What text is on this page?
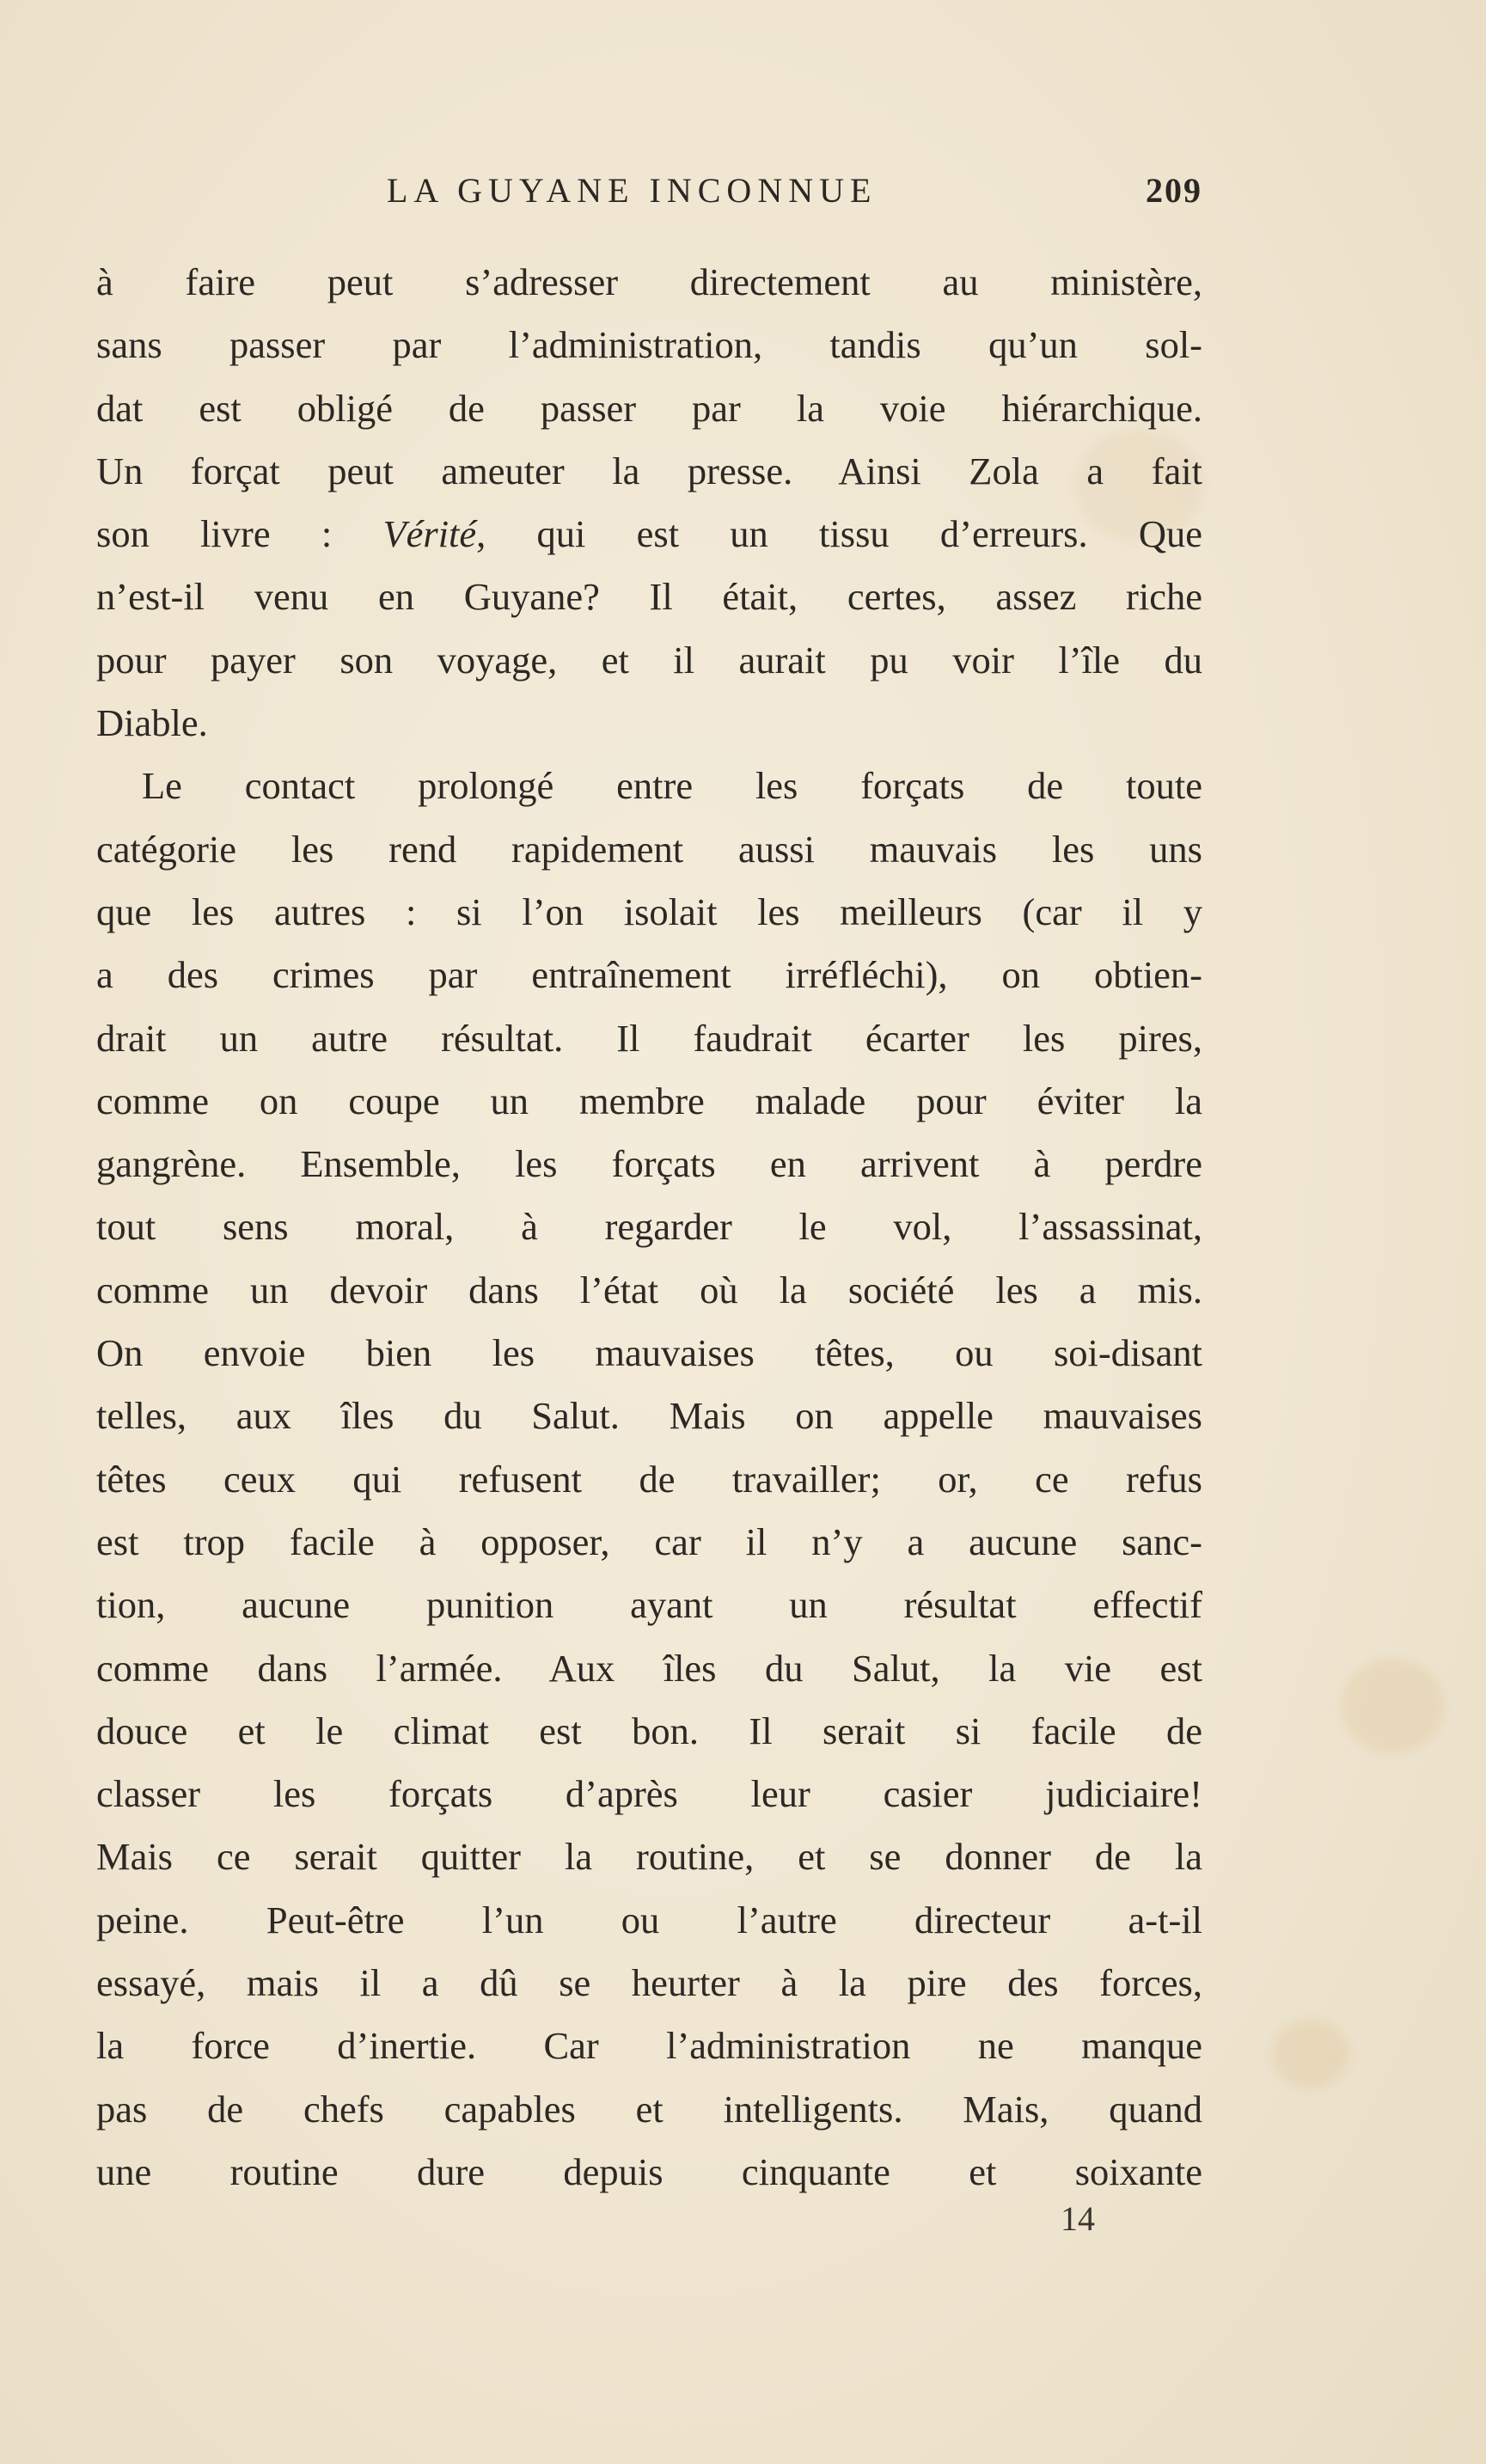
LA GUYANE INCONNUE	209
à faire peut s’adresser directement au ministère,
sans passer par l’administration, tandis qu’un sol-
dat est obligé de passer par la voie hiérarchique.
Un forçat peut ameuter la presse. Ainsi Zola a fait
son livre : Vérité, qui est un tissu d’erreurs. Que
n’est-il venu en Guyane? Il était, certes, assez riche
pour payer son voyage, et il aurait pu voir l’île du
Diable.
Le contact prolongé entre les forçats de toute
catégorie les rend rapidement aussi mauvais les uns
que les autres : si l’on isolait les meilleurs (car il y
a des crimes par entraînement irréfléchi), on obtien-
drait un autre résultat. Il faudrait écarter les pires,
comme on coupe un membre malade pour éviter la
gangrène. Ensemble, les forçats en arrivent à perdre
tout sens moral, à regarder le vol, l’assassinat,
comme un devoir dans l’état où la société les a mis.
On envoie bien les mauvaises têtes, ou soi-disant
telles, aux îles du Salut. Mais on appelle mauvaises
têtes ceux qui refusent de travailler; or, ce refus
est trop facile à opposer, car il n’y a aucune sanc-
tion, aucune punition ayant un résultat effectif
comme dans l’armée. Aux îles du Salut, la vie est
douce et le climat est bon. Il serait si facile de
classer les forçats d’après leur casier judiciaire!
Mais ce serait quitter la routine, et se donner de la
peine. Peut-être l’un ou l’autre directeur a-t-il
essayé, mais il a dû se heurter à la pire des forces,
la force d’inertie. Car l’administration ne manque
pas de chefs capables et intelligents. Mais, quand
une routine dure depuis cinquante et soixante
14
